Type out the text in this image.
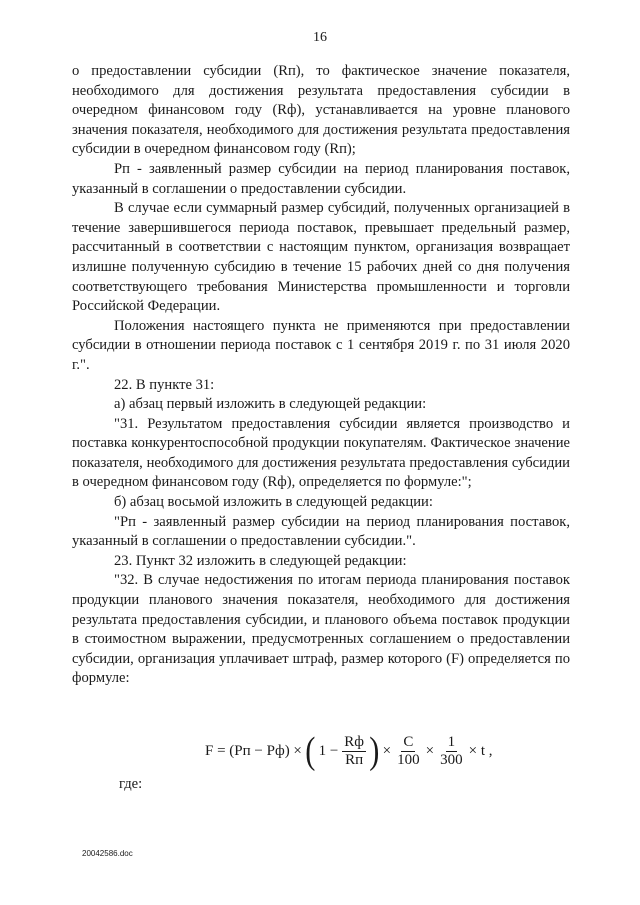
16

о предоставлении субсидии (Rп), то фактическое значение показателя, необходимого для достижения результата предоставления субсидии в очередном финансовом году (Rф), устанавливается на уровне планового значения показателя, необходимого для достижения результата предоставления субсидии в очередном финансовом году (Rп);

Рп - заявленный размер субсидии на период планирования поставок, указанный в соглашении о предоставлении субсидии.

В случае если суммарный размер субсидий, полученных организацией в течение завершившегося периода поставок, превышает предельный размер, рассчитанный в соответствии с настоящим пунктом, организация возвращает излишне полученную субсидию в течение 15 рабочих дней со дня получения соответствующего требования Министерства промышленности и торговли Российской Федерации.

Положения настоящего пункта не применяются при предоставлении субсидии в отношении периода поставок с 1 сентября 2019 г. по 31 июля 2020 г.".

22. В пункте 31:

а) абзац первый изложить в следующей редакции:

"31. Результатом предоставления субсидии является производство и поставка конкурентоспособной продукции покупателям. Фактическое значение показателя, необходимого для достижения результата предоставления субсидии в очередном финансовом году (Rф), определяется по формуле:";

б) абзац восьмой изложить в следующей редакции:

"Рп - заявленный размер субсидии на период планирования поставок, указанный в соглашении о предоставлении субсидии.".

23. Пункт 32 изложить в следующей редакции:

"32. В случае недостижения по итогам периода планирования поставок продукции планового значения показателя, необходимого для достижения результата предоставления субсидии, и планового объема поставок продукции в стоимостном выражении, предусмотренных соглашением о предоставлении субсидии, организация уплачивает штраф, размер которого (F) определяется по формуле:

F = (Рп − Рф) × ( $1 - \frac{Rф}{Rп}$ ) × $\frac{C}{100} \times \frac{1}{300} \times t$ ,
где:
20042586.doc
